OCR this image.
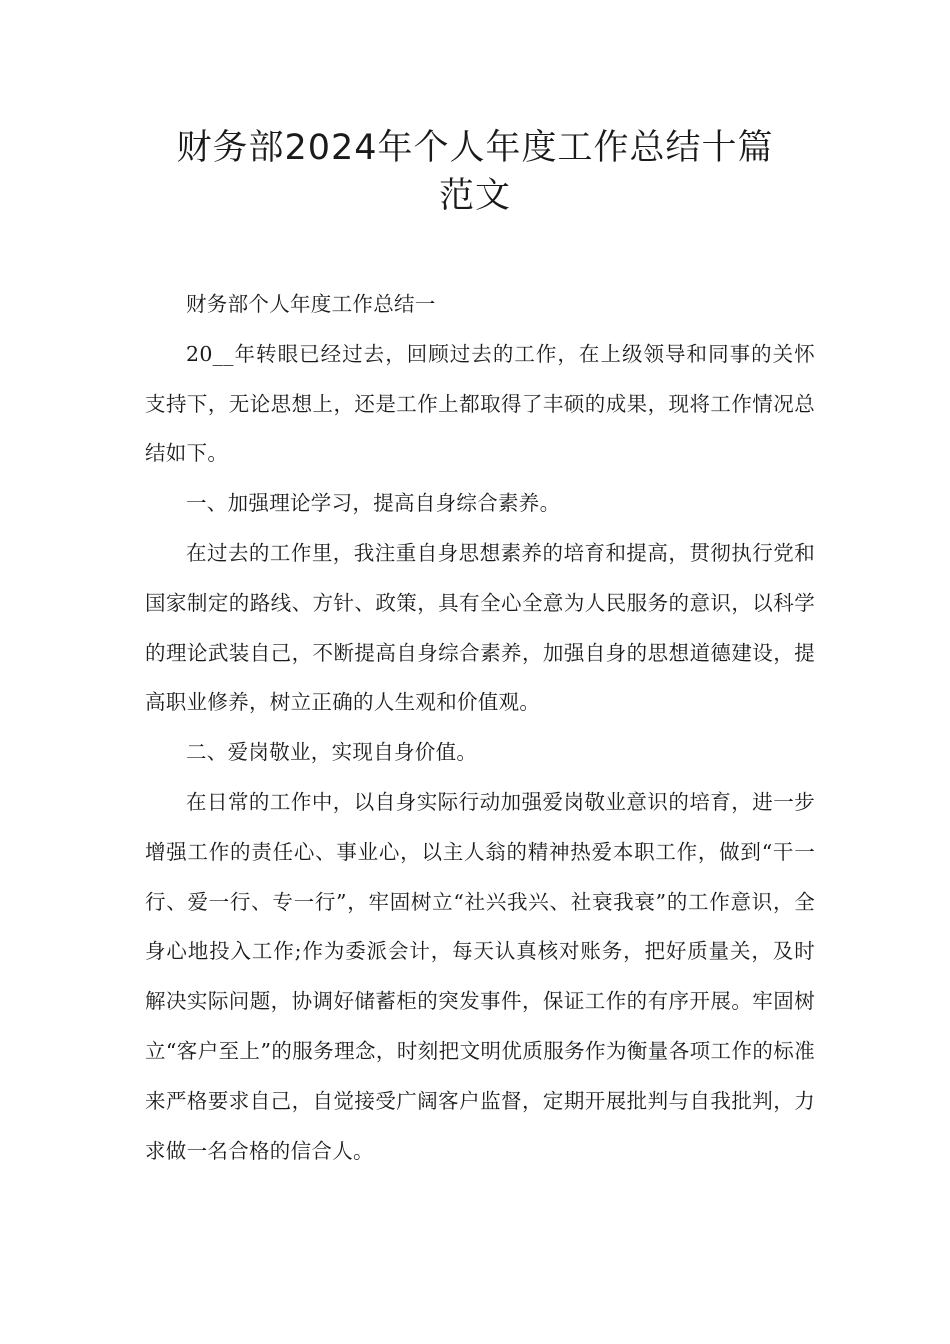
财务部2024年个人年度工作总结十篇
范文

财务部个人年度工作总结一

20__年转眼已经过去，回顾过去的工作，在上级领导和同事的关怀支持下，无论思想上，还是工作上都取得了丰硕的成果，现将工作情况总结如下。

一、加强理论学习，提高自身综合素养。

在过去的工作里，我注重自身思想素养的培育和提高，贯彻执行党和国家制定的路线、方针、政策，具有全心全意为人民服务的意识，以科学的理论武装自己，不断提高自身综合素养，加强自身的思想道德建设，提高职业修养，树立正确的人生观和价值观。

二、爱岗敬业，实现自身价值。

在日常的工作中，以自身实际行动加强爱岗敬业意识的培育，进一步增强工作的责任心、事业心，以主人翁的精神热爱本职工作，做到“干一行、爱一行、专一行”，牢固树立“社兴我兴、社衰我衰”的工作意识，全身心地投入工作;作为委派会计，每天认真核对账务，把好质量关，及时解决实际问题，协调好储蓄柜的突发事件，保证工作的有序开展。牢固树立“客户至上”的服务理念，时刻把文明优质服务作为衡量各项工作的标准来严格要求自己，自觉接受广阔客户监督，定期开展批判与自我批判，力求做一名合格的信合人。
